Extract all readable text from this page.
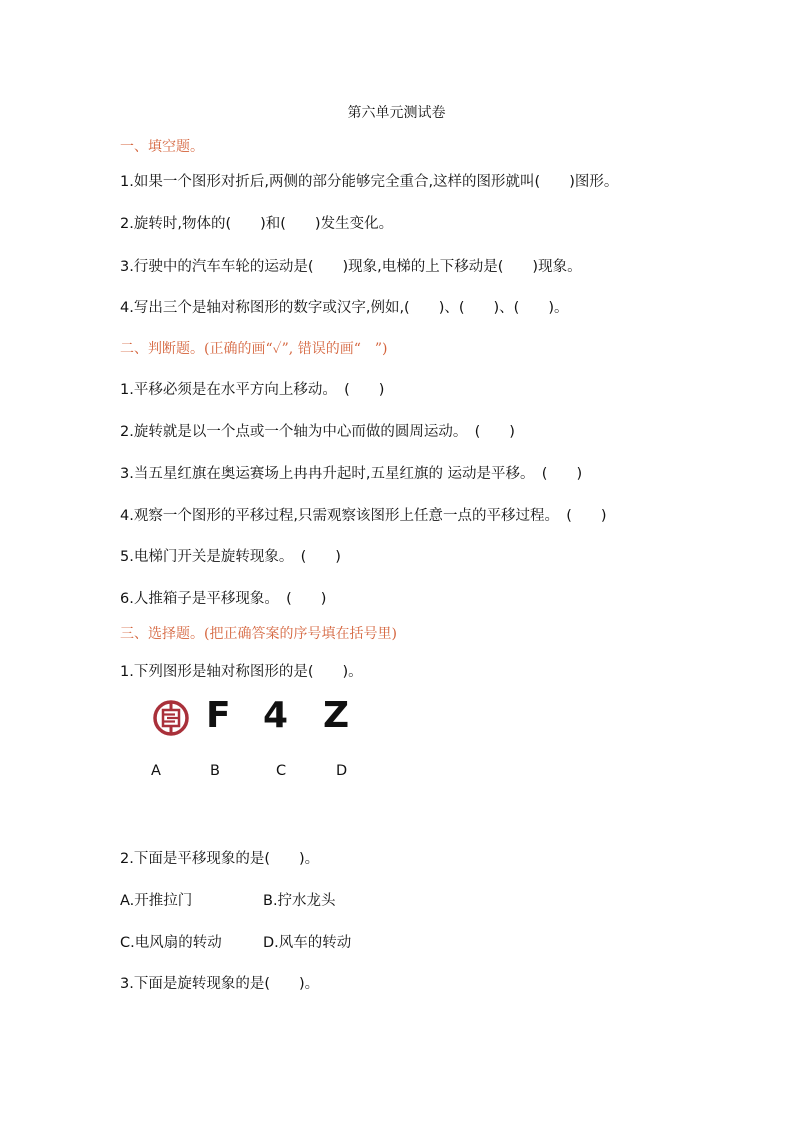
第六单元测试卷
一、填空题。
1.如果一个图形对折后,两侧的部分能够完全重合,这样的图形就叫(　　)图形。
2.旋转时,物体的(　　)和(　　)发生变化。
3.行驶中的汽车车轮的运动是(　　)现象,电梯的上下移动是(　　)现象。
4.写出三个是轴对称图形的数字或汉字,例如,(　　)、(　　)、(　　)。
二、判断题。(正确的画“✓”, 错误的画“　”)
1.平移必须是在水平方向上移动。　(　　)
2.旋转就是以一个点或一个轴为中心而做的圆周运动。　(　　)
3.当五星红旗在奥运赛场上冉冉升起时,五星红旗的 运动是平移。　(　　)
4.观察一个图形的平移过程,只需观察该图形上任意一点的平移过程。　(　　)
5.电梯门开关是旋转现象。　(　　)
6.人推箱子是平移现象。　(　　)
三、选择题。(把正确答案的序号填在括号里)
1.下列图形是轴对称图形的是(　　)。
F 4 Z
A	B	C	D
2.下面是平移现象的是(　　)。
A.开推拉门	B.拧水龙头
C.电风扇的转动	D.风车的转动
3.下面是旋转现象的是(　　)。
